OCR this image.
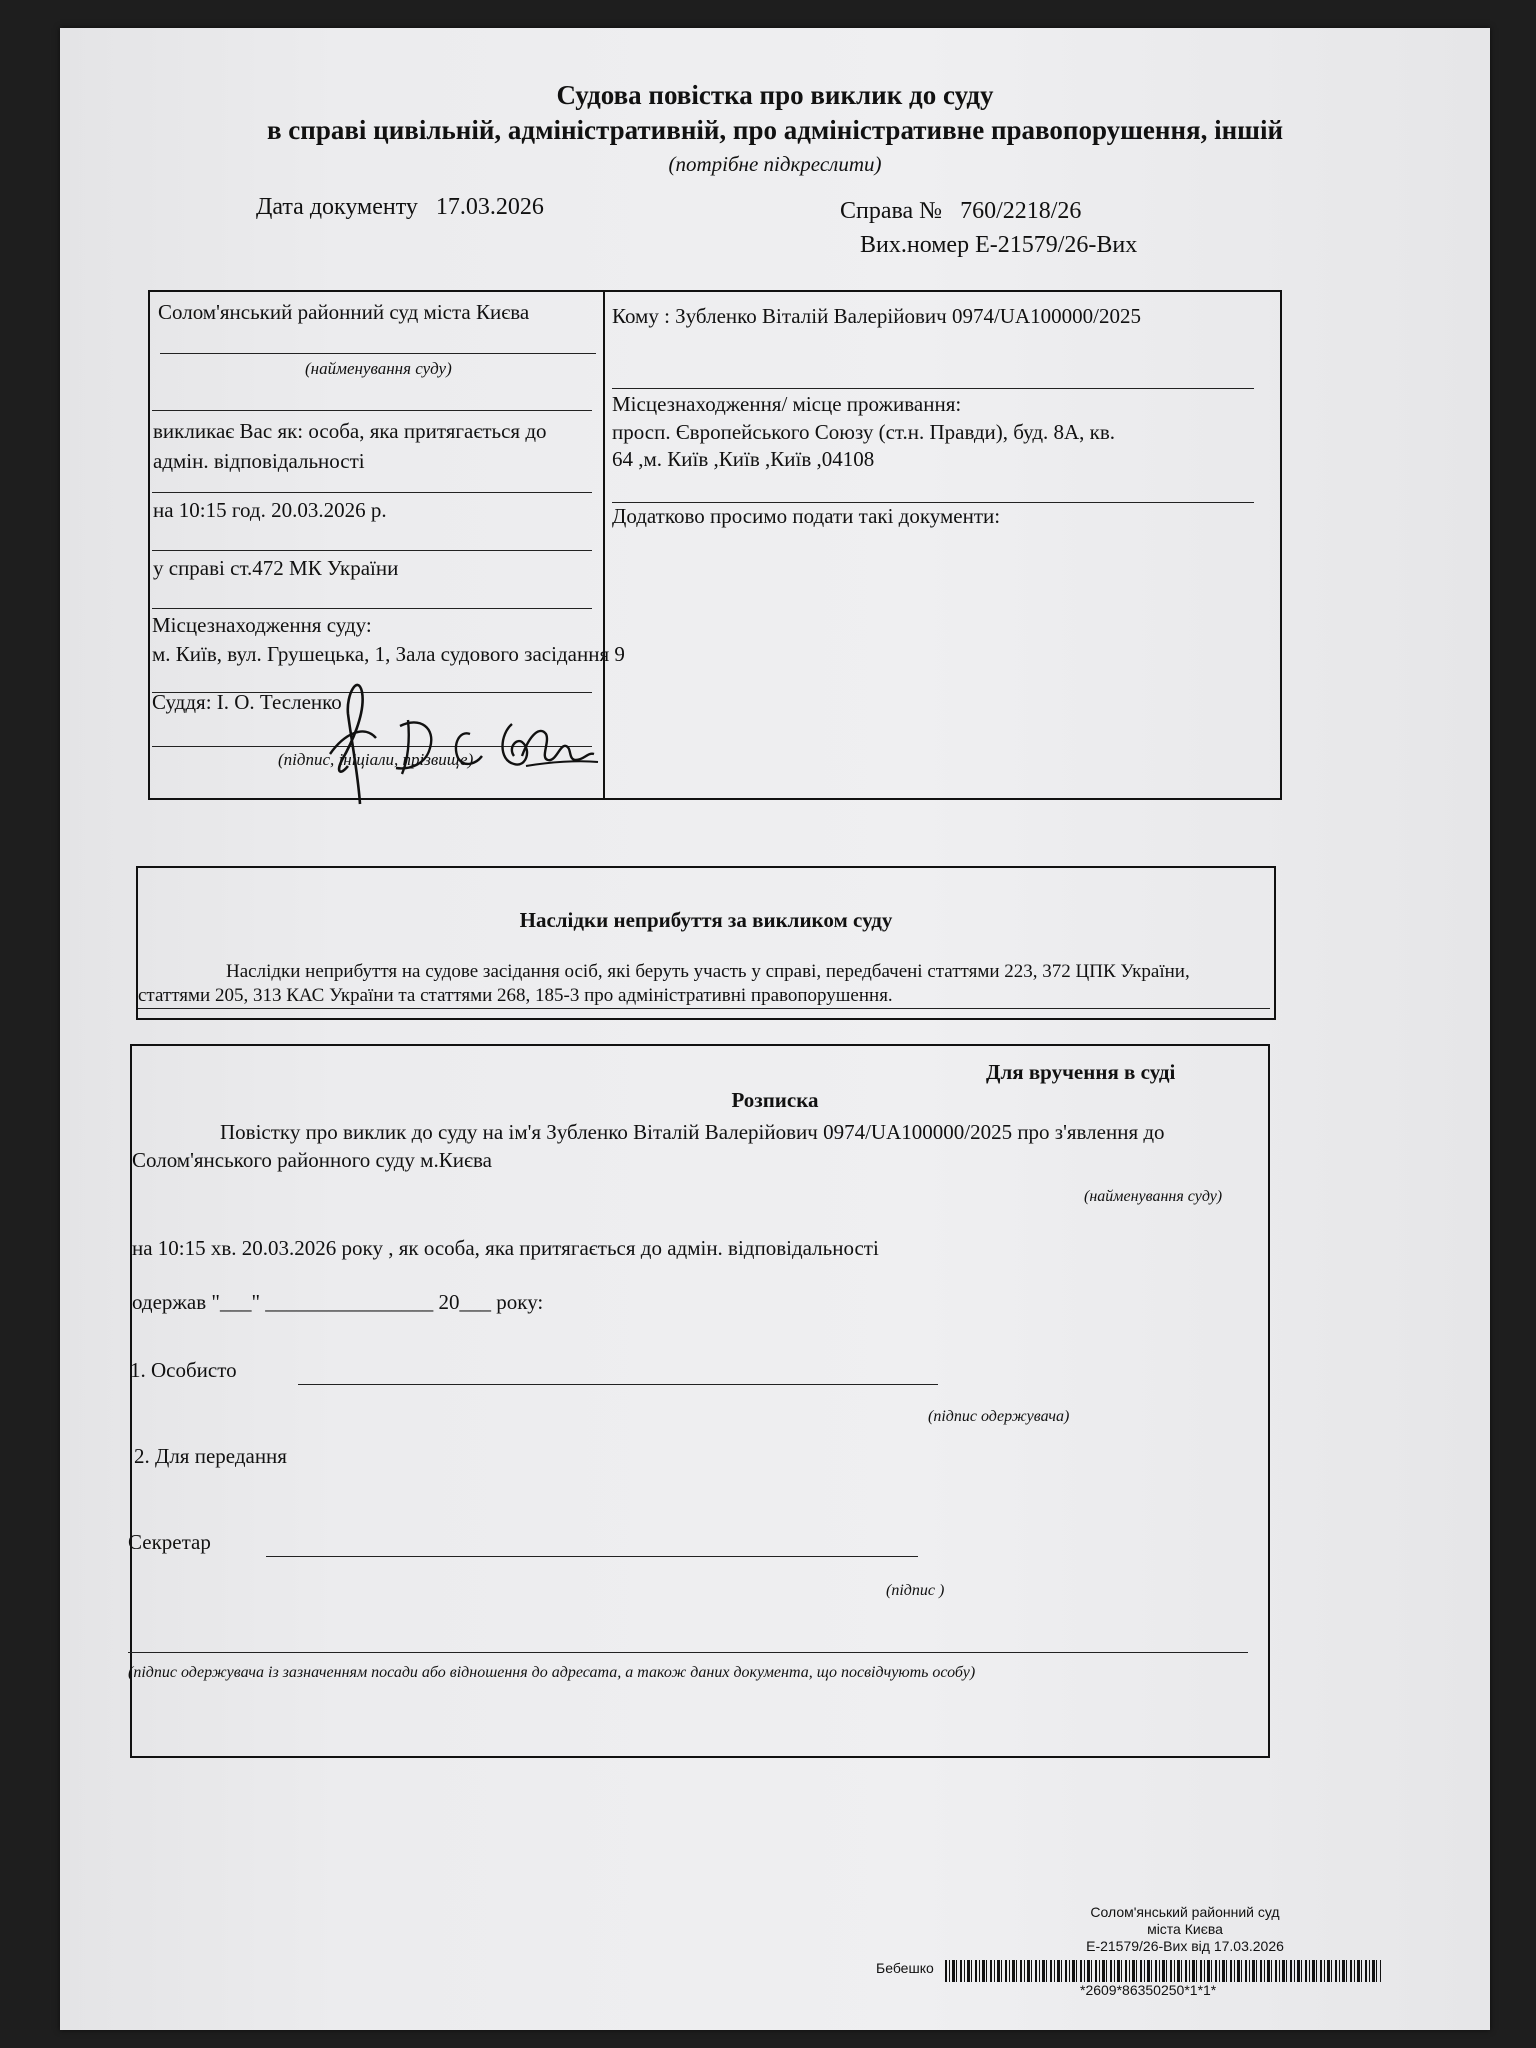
Судова повістка про виклик до суду
в справі цивільній, адміністративній, про адміністративне правопорушення, іншій
(потрібне підкреслити)
Дата документу 17.03.2026	Справа № 760/2218/26
Вих.номер Е-21579/26-Вих
Солом'янський районний суд міста Києва
(найменування суду)
викликає Вас як: особа, яка притягається до адмін. відповідальності
на 10:15 год. 20.03.2026 р.
у справі ст.472 МК України
Місцезнаходження суду:
м. Київ, вул. Грушецька, 1, Зала судового засідання 9
Суддя: І. О. Тесленко
(підпис, ініціали, прізвище)
Кому : Зубленко Віталій Валерійович 0974/UA100000/2025
Місцезнаходження/ місце проживання:
просп. Європейського Союзу (ст.н. Правди), буд. 8А, кв.
64 ,м. Київ ,Київ ,Київ ,04108
Додатково просимо подати такі документи:
Наслідки неприбуття за викликом суду
Наслідки неприбуття на судове засідання осіб, які беруть участь у справі, передбачені статтями 223, 372 ЦПК України,
статтями 205, 313 КАС України та статтями 268, 185-3 про адміністративні правопорушення.
Для вручення в суді
Розписка
Повістку про виклик до суду на ім'я Зубленко Віталій Валерійович 0974/UA100000/2025 про з'явлення до
Солом'янського районного суду м.Києва
(найменування суду)
на 10:15 хв. 20.03.2026 року , як особа, яка притягається до адмін. відповідальності
одержав "___" ________________ 20___ року:
1. Особисто
(підпис одержувача)
2. Для передання
Секретар
(підпис )
(підпис одержувача із зазначенням посади або відношення до адресата, а також даних документа, що посвідчують особу)
Солом'янський районний суд
міста Києва
Е-21579/26-Вих від 17.03.2026
Бебешко
*2609*86350250*1*1*
